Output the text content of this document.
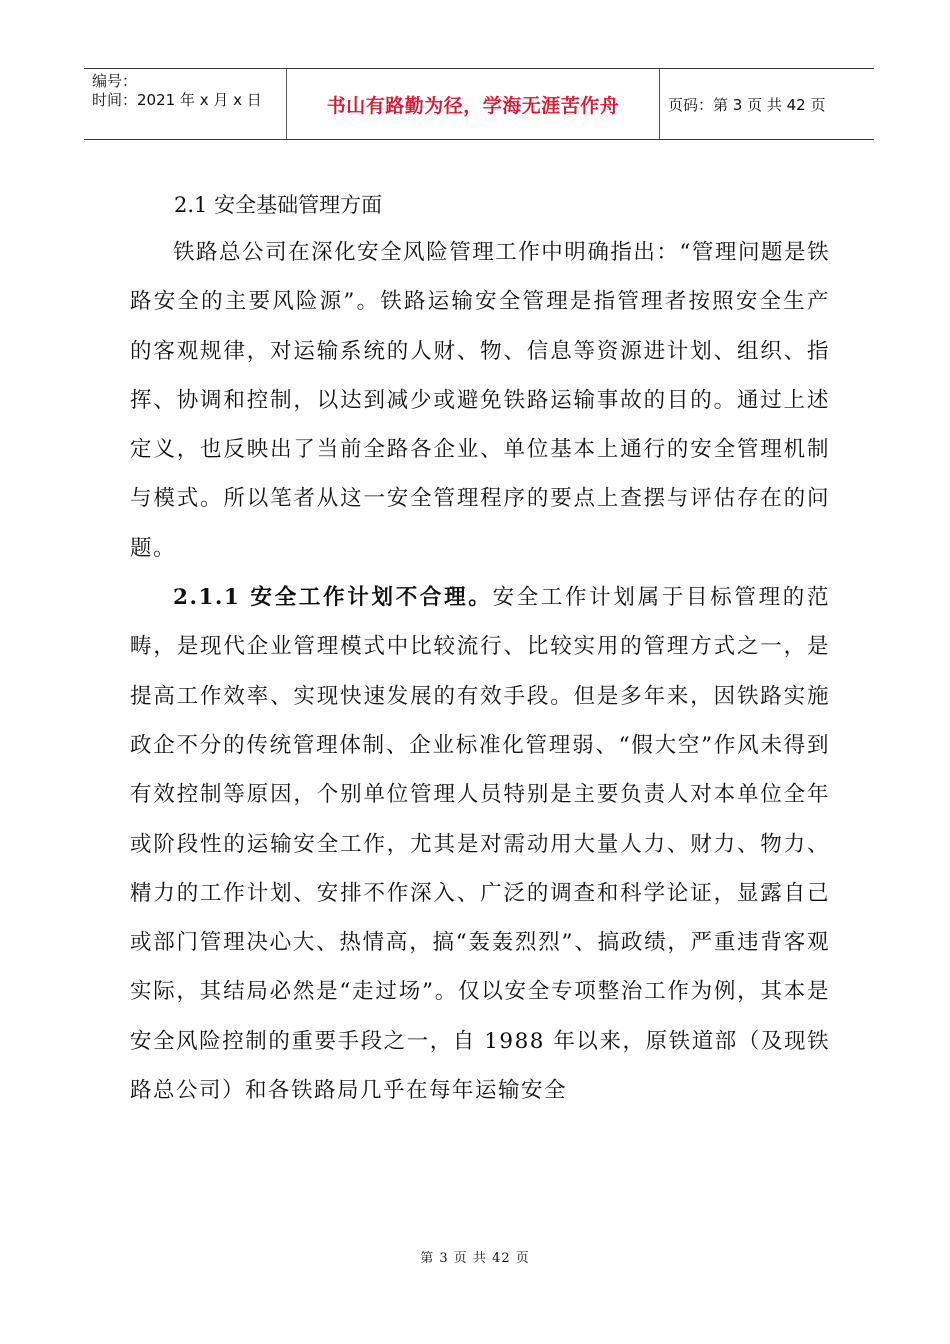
编号：
时间：2021 年 x 月 x 日	书山有路勤为径，学海无涯苦作舟	页码：第 3 页 共 42 页
2.1 安全基础管理方面

铁路总公司在深化安全风险管理工作中明确指出：“管理问题是铁路安全的主要风险源”。铁路运输安全管理是指管理者按照安全生产的客观规律，对运输系统的人财、物、信息等资源进计划、组织、指挥、协调和控制，以达到减少或避免铁路运输事故的目的。通过上述定义，也反映出了当前全路各企业、单位基本上通行的安全管理机制与模式。所以笔者从这一安全管理程序的要点上查摆与评估存在的问题。

2.1.1 安全工作计划不合理。安全工作计划属于目标管理的范畴，是现代企业管理模式中比较流行、比较实用的管理方式之一，是提高工作效率、实现快速发展的有效手段。但是多年来，因铁路实施政企不分的传统管理体制、企业标准化管理弱、“假大空”作风未得到有效控制等原因，个别单位管理人员特别是主要负责人对本单位全年或阶段性的运输安全工作，尤其是对需动用大量人力、财力、物力、精力的工作计划、安排不作深入、广泛的调查和科学论证，显露自己或部门管理决心大、热情高，搞“轰轰烈烈”、搞政绩，严重违背客观实际，其结局必然是“走过场”。仅以安全专项整治工作为例，其本是安全风险控制的重要手段之一，自 1988 年以来，原铁道部（及现铁路总公司）和各铁路局几乎在每年运输安全

第 3 页 共 42 页
